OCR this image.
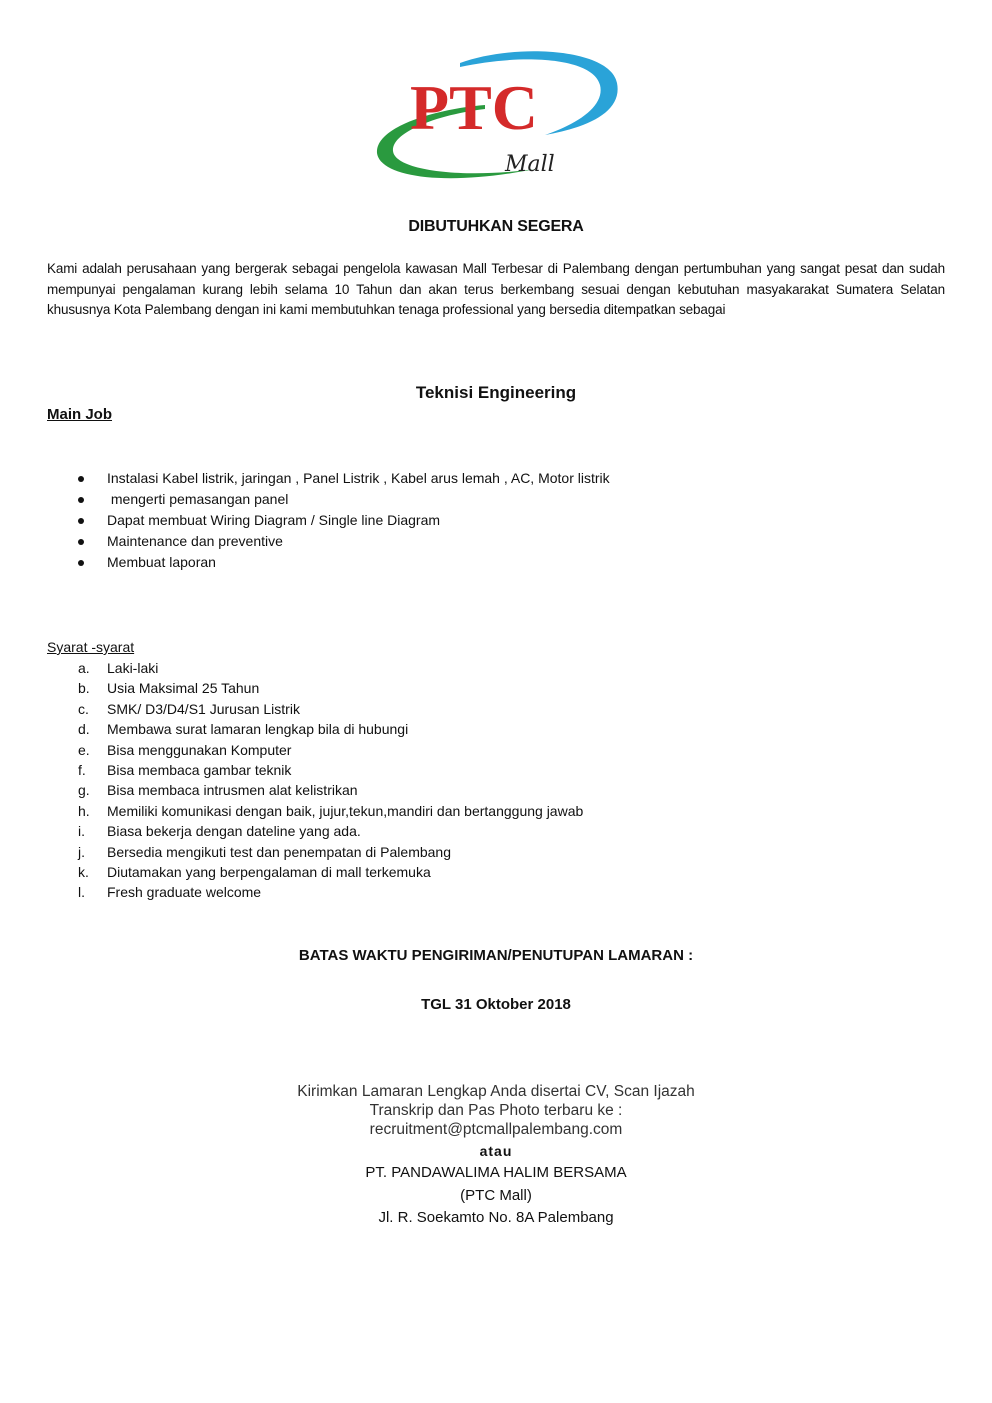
PTC
Mall
DIBUTUHKAN SEGERA
Kami adalah perusahaan yang bergerak sebagai pengelola kawasan Mall Terbesar di Palembang dengan pertumbuhan yang sangat pesat dan sudah mempunyai pengalaman kurang lebih selama 10 Tahun dan akan terus berkembang sesuai dengan kebutuhan masyakarakat Sumatera Selatan khususnya Kota Palembang dengan ini kami membutuhkan tenaga professional yang bersedia ditempatkan sebagai
Teknisi Engineering
Main Job
Instalasi Kabel listrik, jaringan , Panel Listrik , Kabel arus lemah , AC, Motor listrik
mengerti pemasangan panel
Dapat membuat Wiring Diagram / Single line Diagram
Maintenance dan preventive
Membuat laporan
Syarat -syarat
a. Laki-laki
b. Usia Maksimal 25 Tahun
c. SMK/ D3/D4/S1 Jurusan Listrik
d. Membawa surat lamaran lengkap bila di hubungi
e. Bisa menggunakan Komputer
f. Bisa membaca gambar teknik
g. Bisa membaca intrusmen alat kelistrikan
h. Memiliki komunikasi dengan baik, jujur,tekun,mandiri dan bertanggung jawab
i. Biasa bekerja dengan dateline yang ada.
j. Bersedia mengikuti test dan penempatan di Palembang
k. Diutamakan yang berpengalaman di mall terkemuka
l. Fresh graduate welcome
BATAS WAKTU PENGIRIMAN/PENUTUPAN LAMARAN :
TGL 31 Oktober 2018
Kirimkan Lamaran Lengkap Anda disertai CV, Scan Ijazah
Transkrip dan Pas Photo terbaru ke :
recruitment@ptcmallpalembang.com
atau
PT. PANDAWALIMA HALIM BERSAMA
(PTC Mall)
Jl. R. Soekamto No. 8A Palembang
